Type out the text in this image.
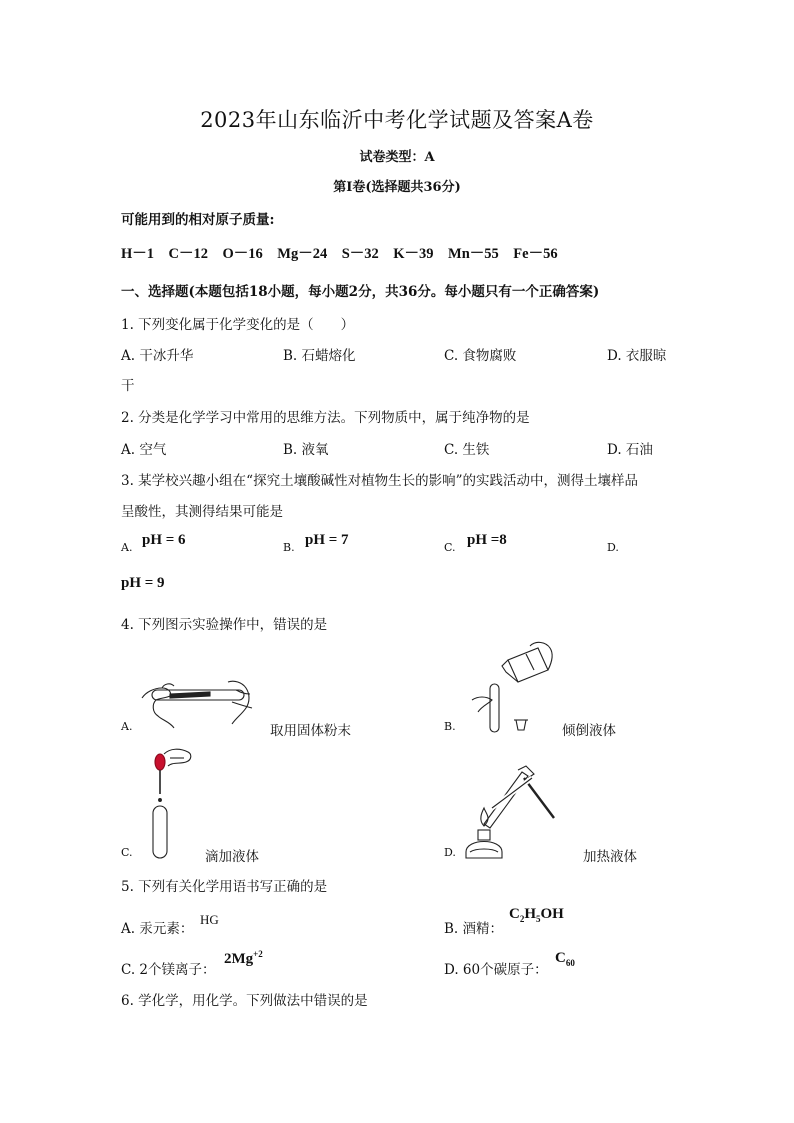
2023年山东临沂中考化学试题及答案A卷
试卷类型：A
第Ⅰ卷(选择题共36分)
可能用到的相对原子质量:
H－1　C－12　O－16　Mg－24　S－32　K－39　Mn－55　Fe－56
一、选择题(本题包括18小题，每小题2分，共36分。每小题只有一个正确答案)
1. 下列变化属于化学变化的是（　　）
A. 干冰升华	B. 石蜡熔化	C. 食物腐败	D. 衣服晾
干
2. 分类是化学学习中常用的思维方法。下列物质中，属于纯净物的是
A. 空气	B. 液氧	C. 生铁	D. 石油
3. 某学校兴趣小组在“探究土壤酸碱性对植物生长的影响”的实践活动中，测得土壤样品
呈酸性，其测得结果可能是
A. pH = 6	B. pH = 7	C. pH =8	D.
pH = 9
4. 下列图示实验操作中，错误的是
A.	取用固体粉末	B.	倾倒液体
C.	滴加液体	D.	加热液体
5. 下列有关化学用语书写正确的是
A. 汞元素：
HG
B. 酒精：
$C_2H_5OH$
C. 2个镁离子：
$2Mg^{+2}$
D. 60个碳原子：
$C_{60}$
6. 学化学，用化学。下列做法中错误的是
